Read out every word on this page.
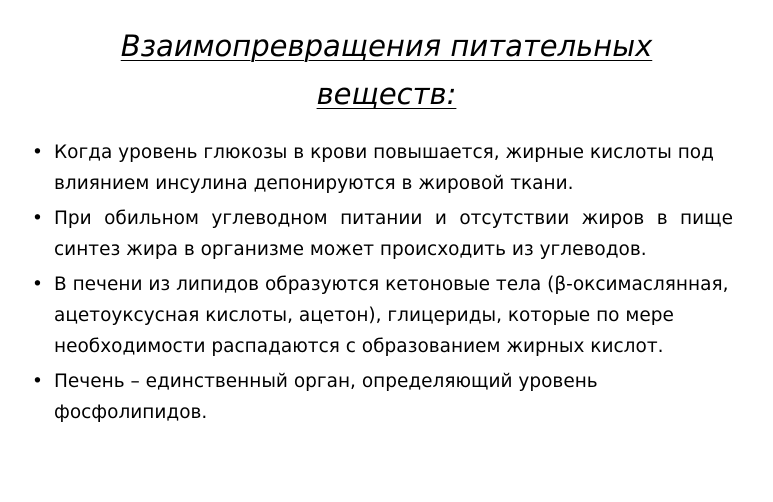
Взаимопревращения питательных
веществ:
• Когда уровень глюкозы в крови повышается, жирные кислоты под влиянием инсулина депонируются в жировой ткани.
• При обильном углеводном питании и отсутствии жиров в пище синтез жира в организме может происходить из углеводов.
• В печени из липидов образуются кетоновые тела (β-оксимаслянная, ацетоуксусная кислоты, ацетон), глицериды, которые по мере необходимости распадаются с образованием жирных кислот.
• Печень – единственный орган, определяющий уровень фосфолипидов.
